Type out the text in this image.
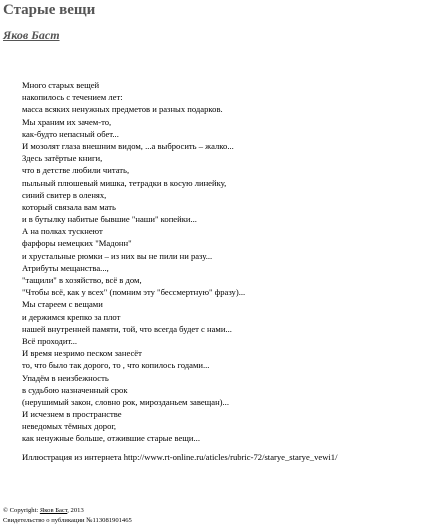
Старые вещи
Яков Баст
Много старых вещей
накопилось с течением лет:
масса всяких ненужных предметов и разных подарков.
Мы храним их зачем-то,
как-будто непасный обет...
И мозолят глаза внешним видом, ...а выбросить – жалко...
Здесь затёртые книги,
что в детстве любили читать,
пыльный плюшевый мишка, тетрадки в косую линейку,
синий свитер в оленях,
который связала вам мать
и в бутылку набитые бывшие "наши" копейки...
А на полках тускнеют
фарфоры немецких "Мадонн"
и хрустальные рюмки – из них вы не пили ни разу...
Атрибуты мещанства...,
"тащили" в хозяйство, всё в дом,
"Чтобы всё, как у всех" (помним эту "бессмертную" фразу)...
Мы стареем с вещами
и держимся крепко за плот
нашей внутренней памяти, той, что всегда будет с нами...
Всё проходит...
И время незримо песком занесёт
то, что было так дорого, то , что копилось годами...
Упадём в неизбежность
в судьбою назначенный срок
(нерушимый закон, словно рок, мирозданьем завещан)...
И исчезнем в пространстве
неведомых тёмных дорог,
как ненужные больше, отжившие старые вещи...
Иллюстрация из интернета http://www.rt-online.ru/aticles/rubric-72/starye_starye_vewi1/
© Copyright: Яков Баст, 2013
Свидетельство о публикации №113081901465
